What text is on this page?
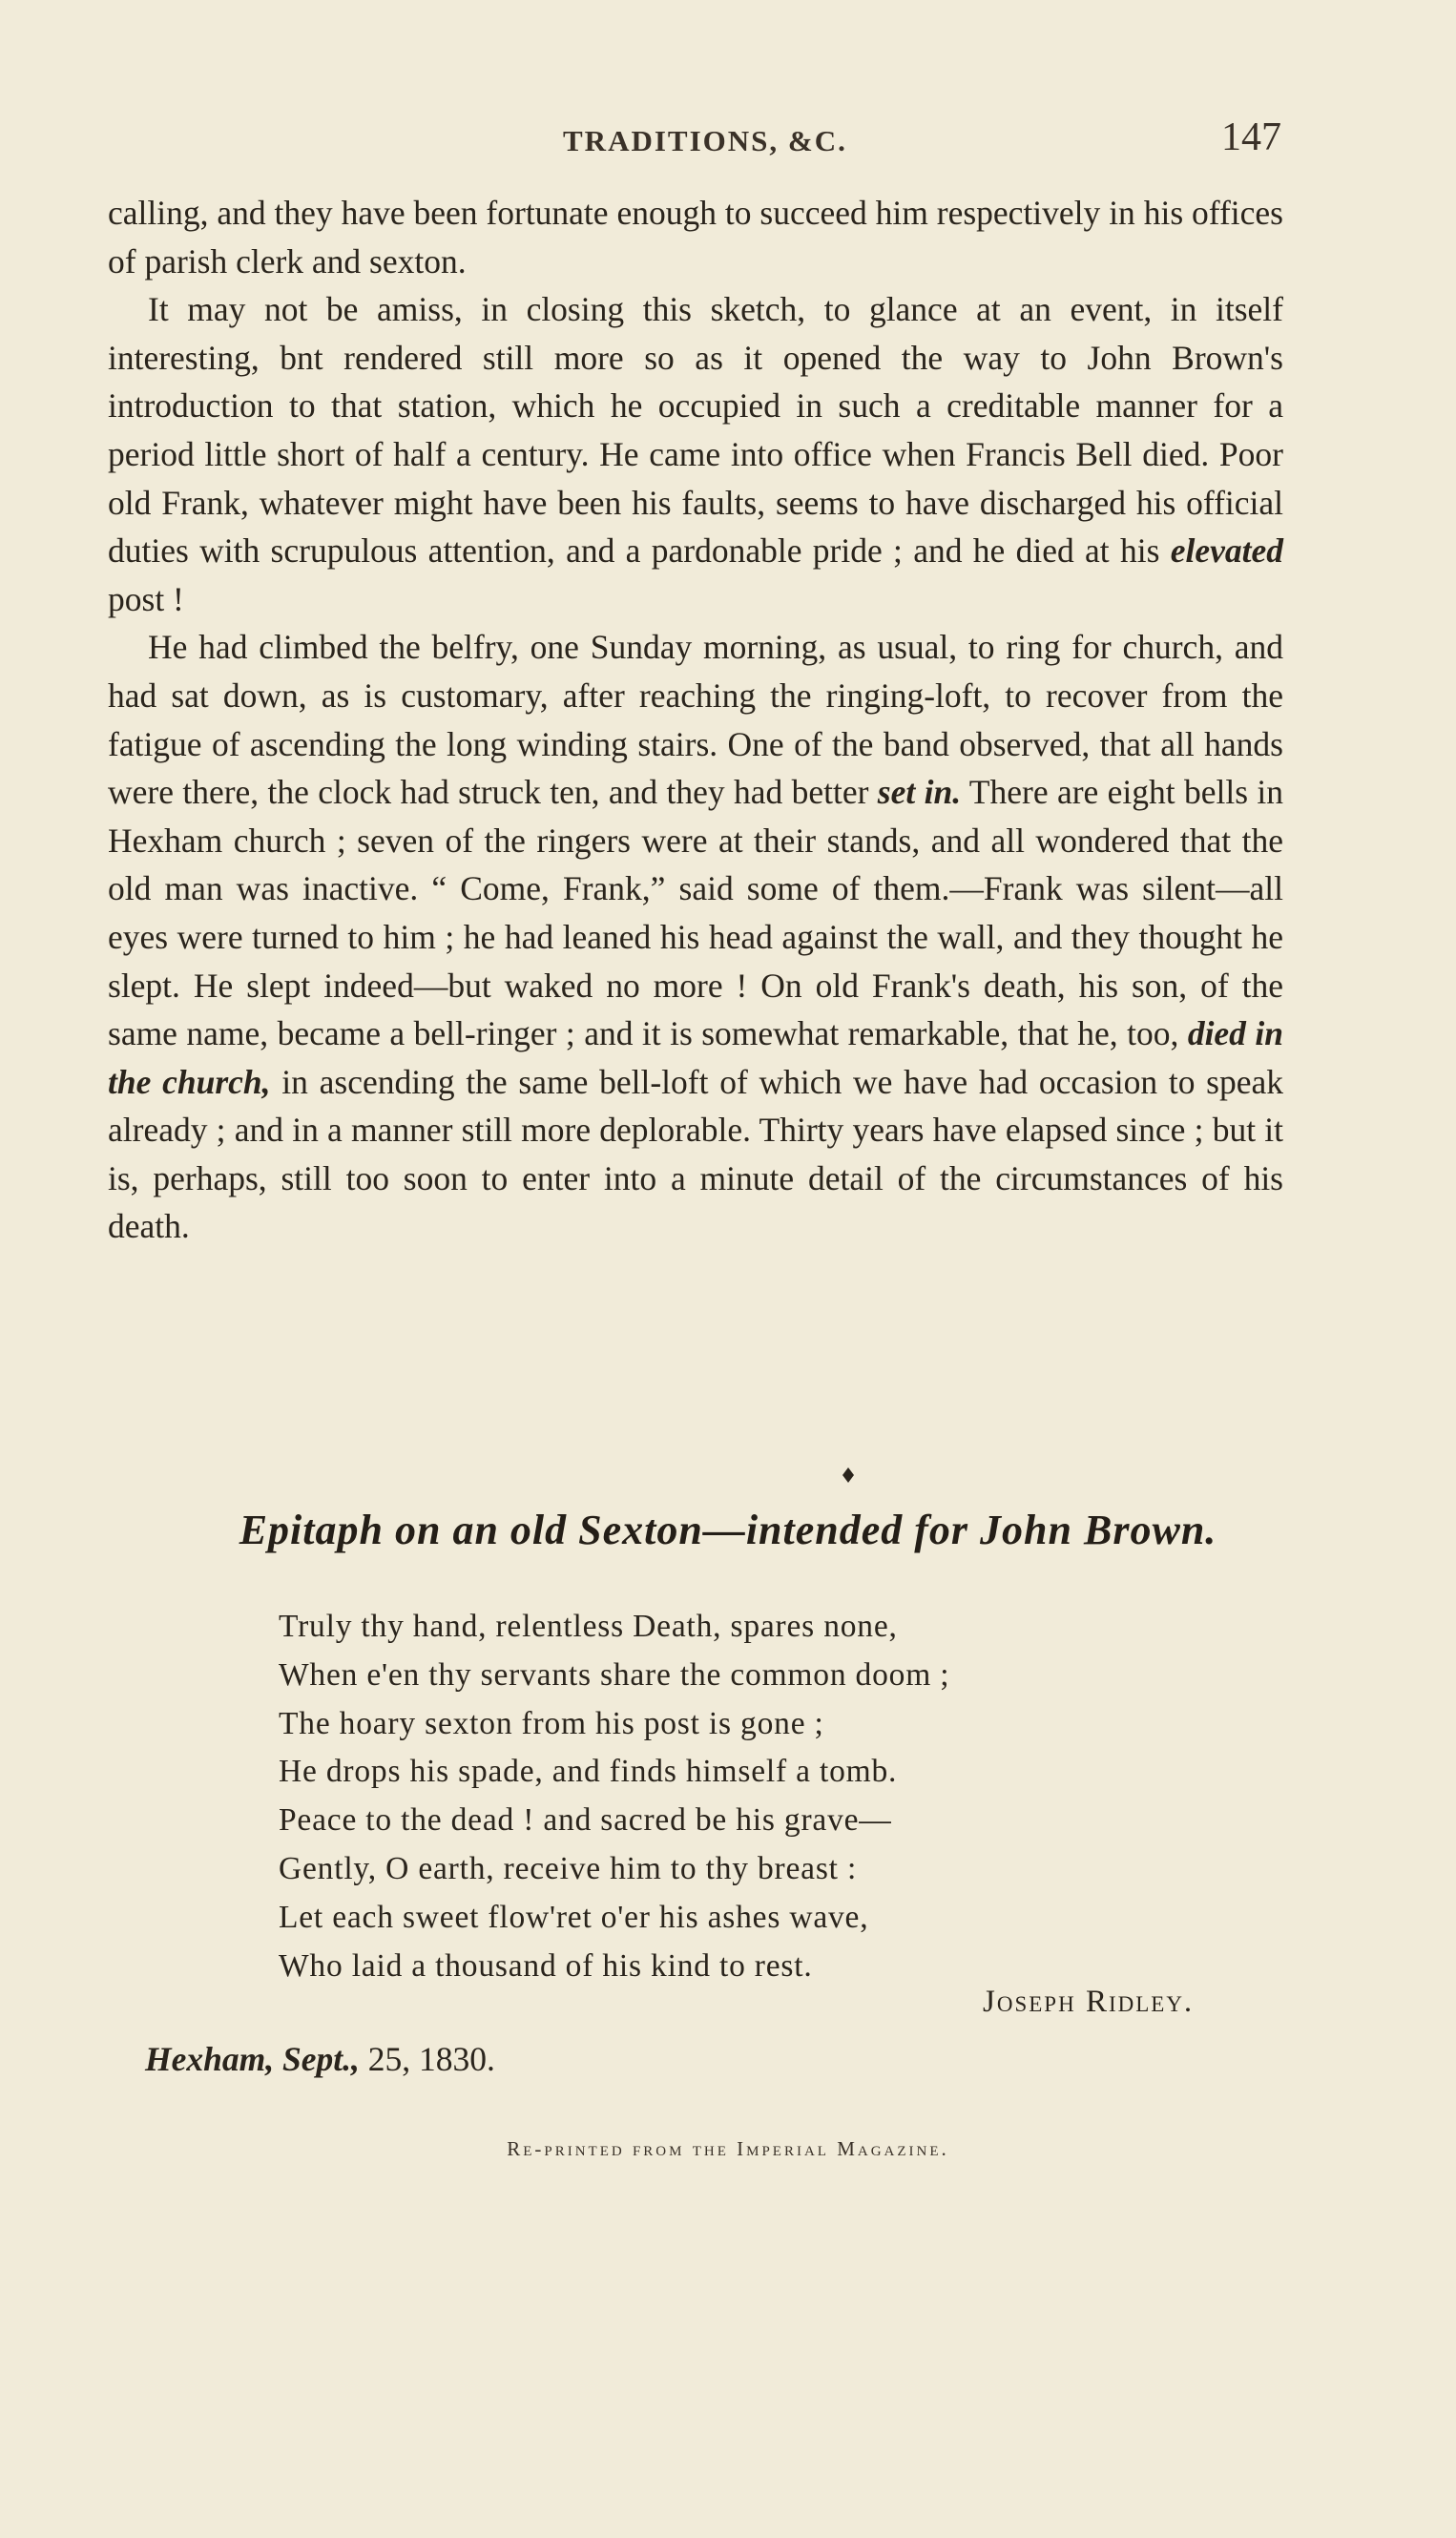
TRADITIONS, &C.	147

calling, and they have been fortunate enough to succeed him respectively in his offices of parish clerk and sexton.

It may not be amiss, in closing this sketch, to glance at an event, in itself interesting, bnt rendered still more so as it opened the way to John Brown's introduction to that station, which he occupied in such a creditable manner for a period little short of half a century. He came into office when Francis Bell died. Poor old Frank, whatever might have been his faults, seems to have discharged his official duties with scrupulous attention, and a pardonable pride ; and he died at his elevated post !

He had climbed the belfry, one Sunday morning, as usual, to ring for church, and had sat down, as is customary, after reaching the ringing-loft, to recover from the fatigue of ascending the long winding stairs. One of the band observed, that all hands were there, the clock had struck ten, and they had better set in. There are eight bells in Hexham church ; seven of the ringers were at their stands, and all wondered that the old man was inactive. “ Come, Frank,” said some of them.—Frank was silent—all eyes were turned to him ; he had leaned his head against the wall, and they thought he slept. He slept indeed—but waked no more ! On old Frank's death, his son, of the same name, became a bell-ringer ; and it is somewhat remarkable, that he, too, died in the church, in ascending the same bell-loft of which we have had occasion to speak already ; and in a manner still more deplorable. Thirty years have elapsed since ; but it is, perhaps, still too soon to enter into a minute detail of the circumstances of his death.

Epitaph on an old Sexton—intended for John Brown.
Truly thy hand, relentless Death, spares none,
When e'en thy servants share the common doom ;
The hoary sexton from his post is gone ;
He drops his spade, and finds himself a tomb.
Peace to the dead ! and sacred be his grave—
Gently, O earth, receive him to thy breast :
Let each sweet flow'ret o'er his ashes wave,
Who laid a thousand of his kind to rest.
Joseph Ridley.
Hexham, Sept., 25, 1830.
Re-printed from the Imperial Magazine.
